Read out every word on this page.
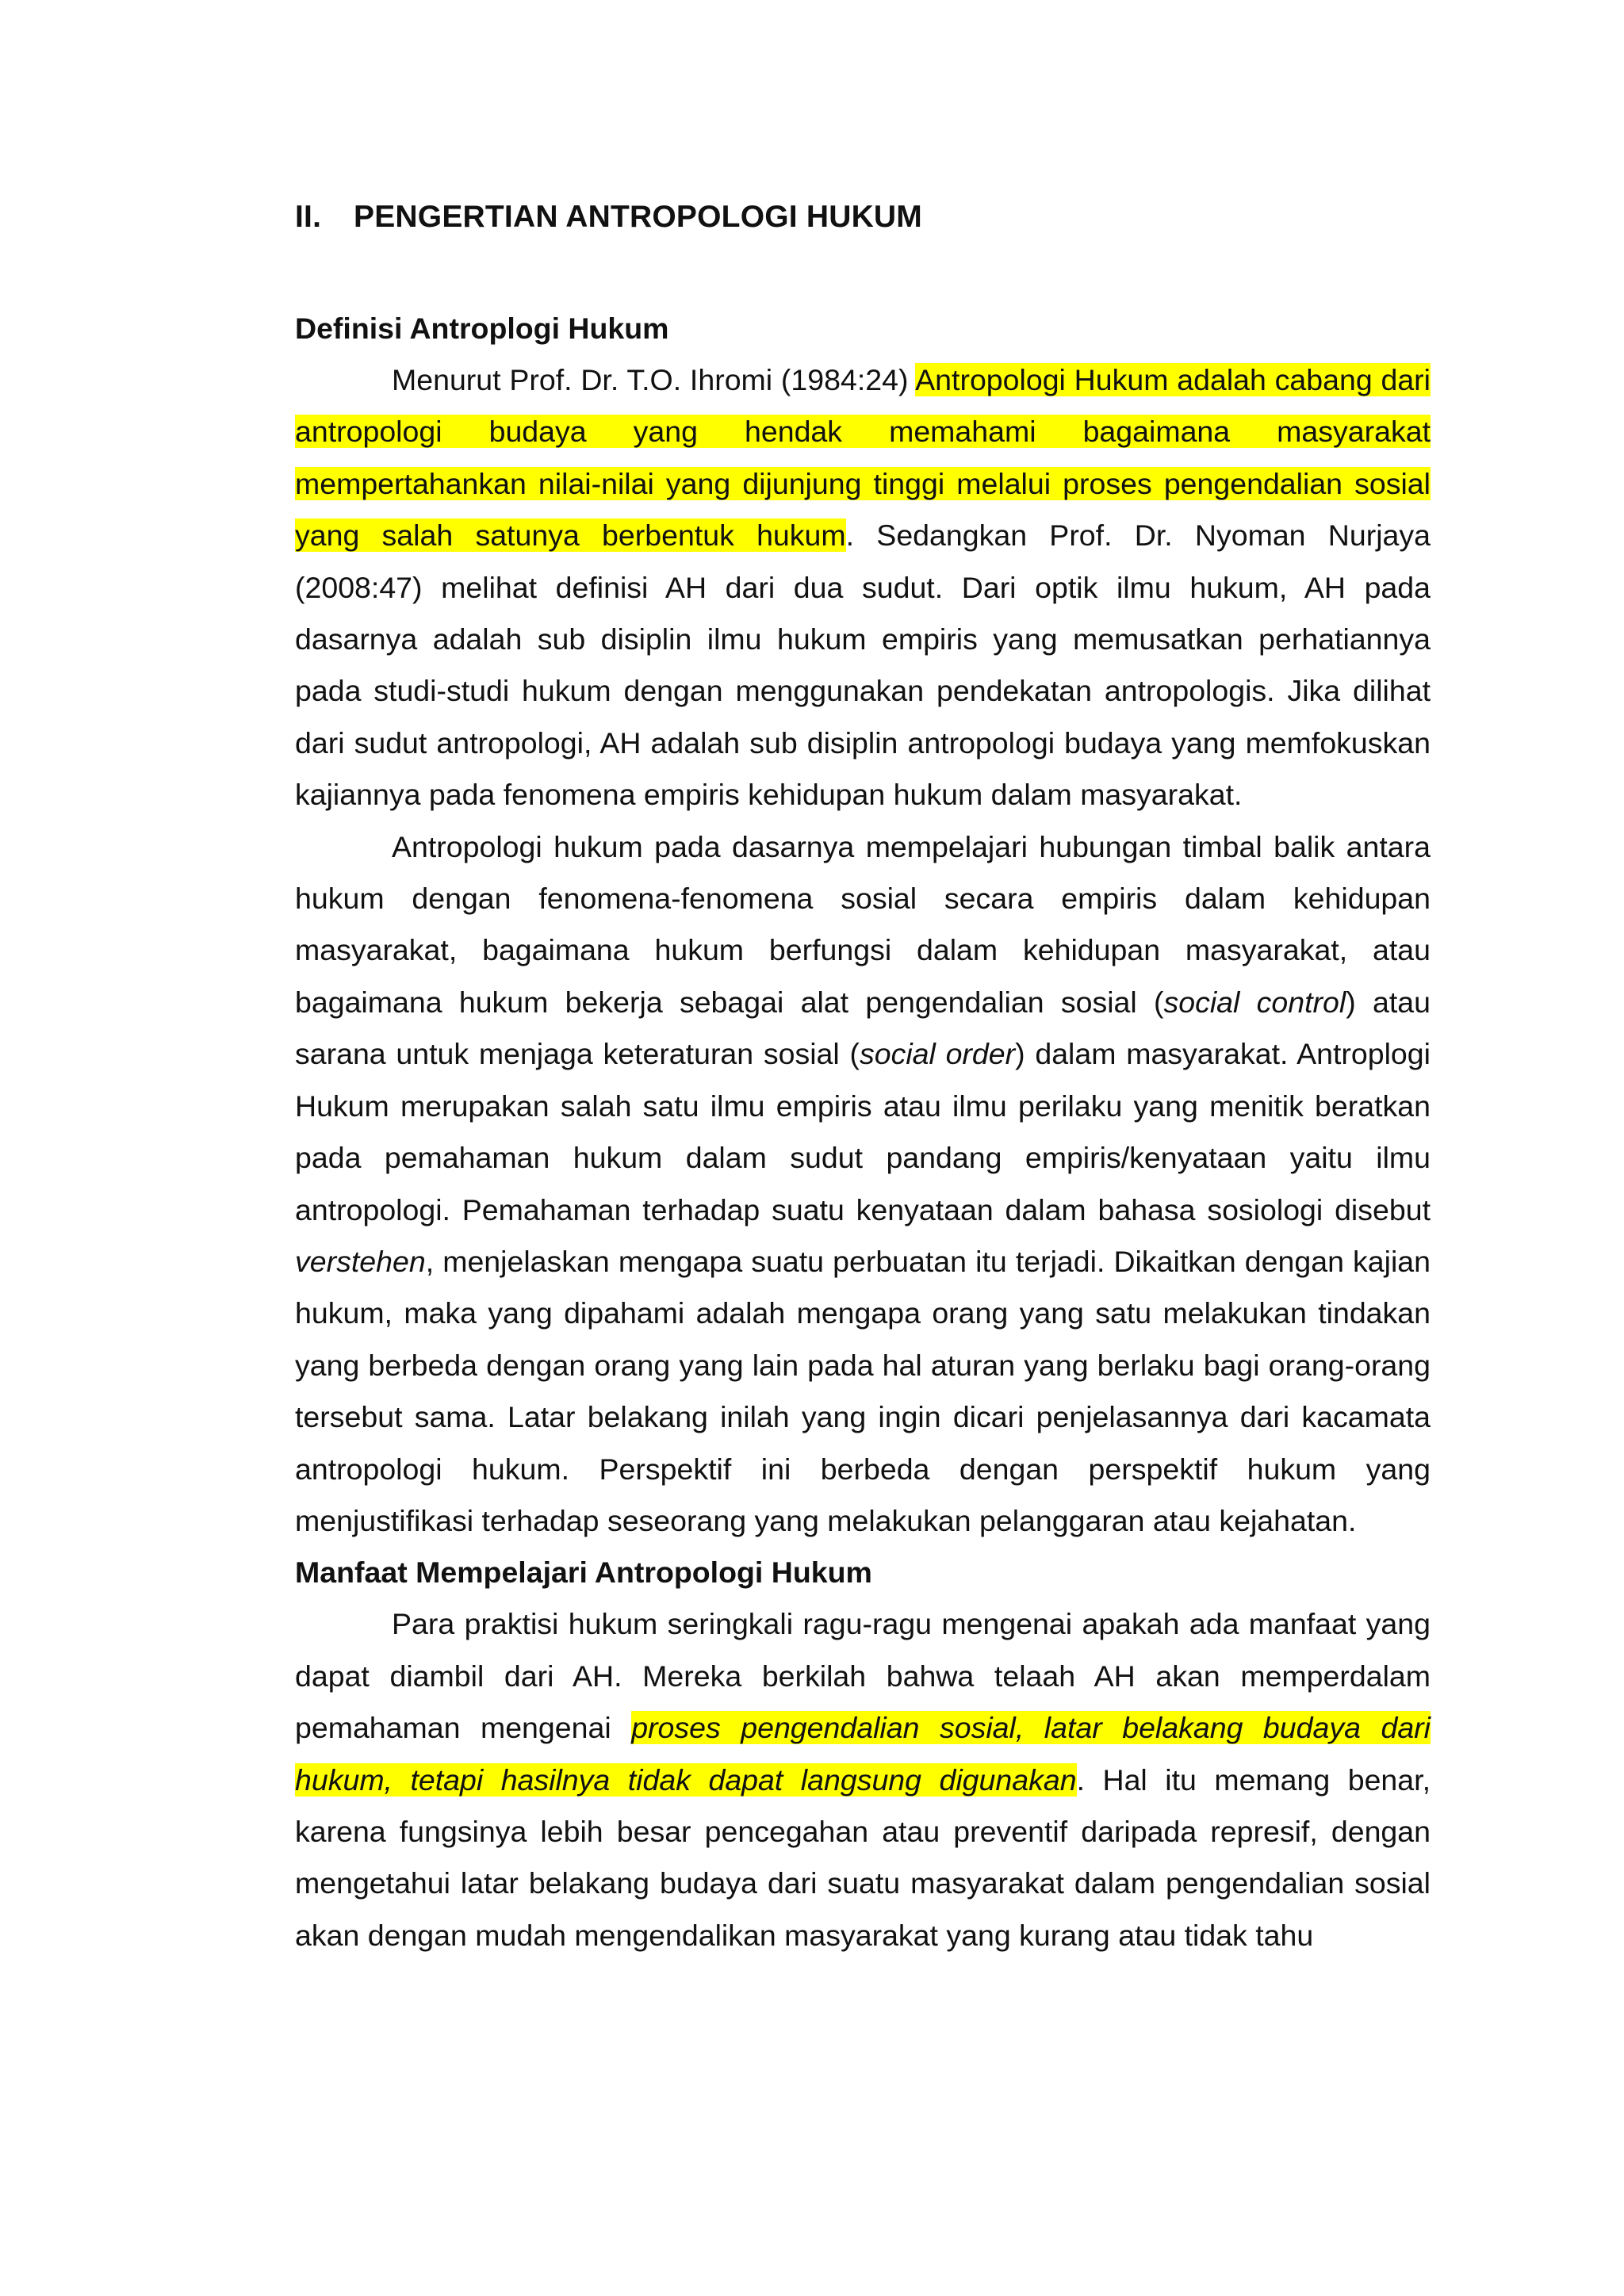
II.	PENGERTIAN ANTROPOLOGI HUKUM
Definisi Antroplogi Hukum

Menurut Prof. Dr. T.O. Ihromi (1984:24) Antropologi Hukum adalah cabang dari antropologi budaya yang hendak memahami bagaimana masyarakat mempertahankan nilai-nilai yang dijunjung tinggi melalui proses pengendalian sosial yang salah satunya berbentuk hukum. Sedangkan Prof. Dr. Nyoman Nurjaya (2008:47) melihat definisi AH dari dua sudut. Dari optik ilmu hukum, AH pada dasarnya adalah sub disiplin ilmu hukum empiris yang memusatkan perhatiannya pada studi-studi hukum dengan menggunakan pendekatan antropologis. Jika dilihat dari sudut antropologi, AH adalah sub disiplin antropologi budaya yang memfokuskan kajiannya pada fenomena empiris kehidupan hukum dalam masyarakat.

Antropologi hukum pada dasarnya mempelajari hubungan timbal balik antara hukum dengan fenomena-fenomena sosial secara empiris dalam kehidupan masyarakat, bagaimana hukum berfungsi dalam kehidupan masyarakat, atau bagaimana hukum bekerja sebagai alat pengendalian sosial (social control) atau sarana untuk menjaga keteraturan sosial (social order) dalam masyarakat. Antroplogi Hukum merupakan salah satu ilmu empiris atau ilmu perilaku yang menitik beratkan pada pemahaman hukum dalam sudut pandang empiris/kenyataan yaitu ilmu antropologi. Pemahaman terhadap suatu kenyataan dalam bahasa sosiologi disebut verstehen, menjelaskan mengapa suatu perbuatan itu terjadi. Dikaitkan dengan kajian hukum, maka yang dipahami adalah mengapa orang yang satu melakukan tindakan yang berbeda dengan orang yang lain pada hal aturan yang berlaku bagi orang-orang tersebut sama. Latar belakang inilah yang ingin dicari penjelasannya dari kacamata antropologi hukum. Perspektif ini berbeda dengan perspektif hukum yang menjustifikasi terhadap seseorang yang melakukan pelanggaran atau kejahatan.

Manfaat Mempelajari Antropologi Hukum

Para praktisi hukum seringkali ragu-ragu mengenai apakah ada manfaat yang dapat diambil dari AH. Mereka berkilah bahwa telaah AH akan memperdalam pemahaman mengenai proses pengendalian sosial, latar belakang budaya dari hukum, tetapi hasilnya tidak dapat langsung digunakan. Hal itu memang benar, karena fungsinya lebih besar pencegahan atau preventif daripada represif, dengan mengetahui latar belakang budaya dari suatu masyarakat dalam pengendalian sosial akan dengan mudah mengendalikan masyarakat yang kurang atau tidak tahu
